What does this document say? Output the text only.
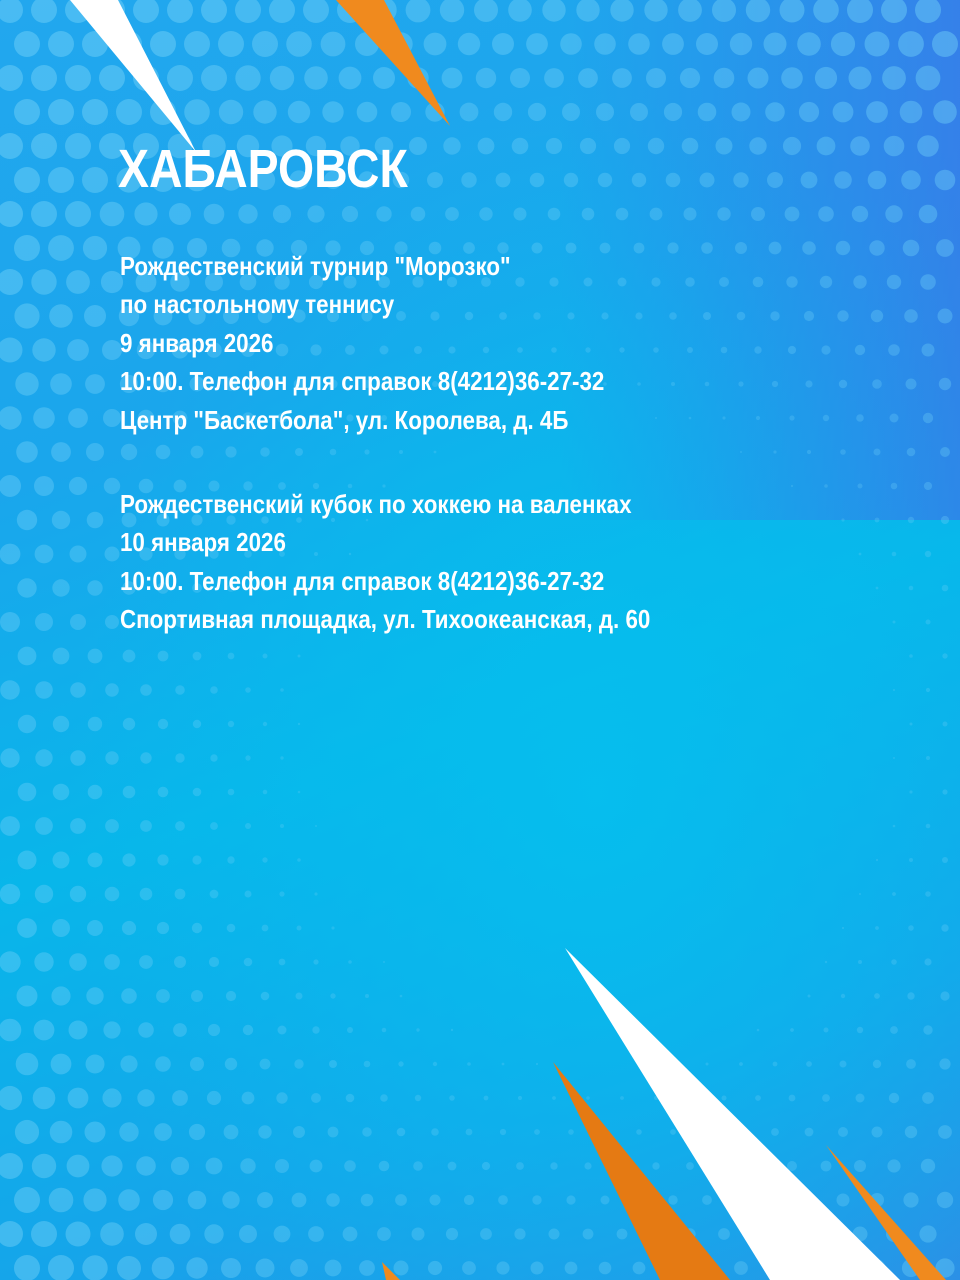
ХАБАРОВСК
Рождественский турнир "Морозко"
по настольному теннису
9 января 2026
10:00. Телефон для справок 8(4212)36-27-32
Центр "Баскетбола", ул. Королева, д. 4Б
Рождественский кубок по хоккею на валенках
10 января 2026
10:00. Телефон для справок 8(4212)36-27-32
Спортивная площадка, ул. Тихоокеанская, д. 60
